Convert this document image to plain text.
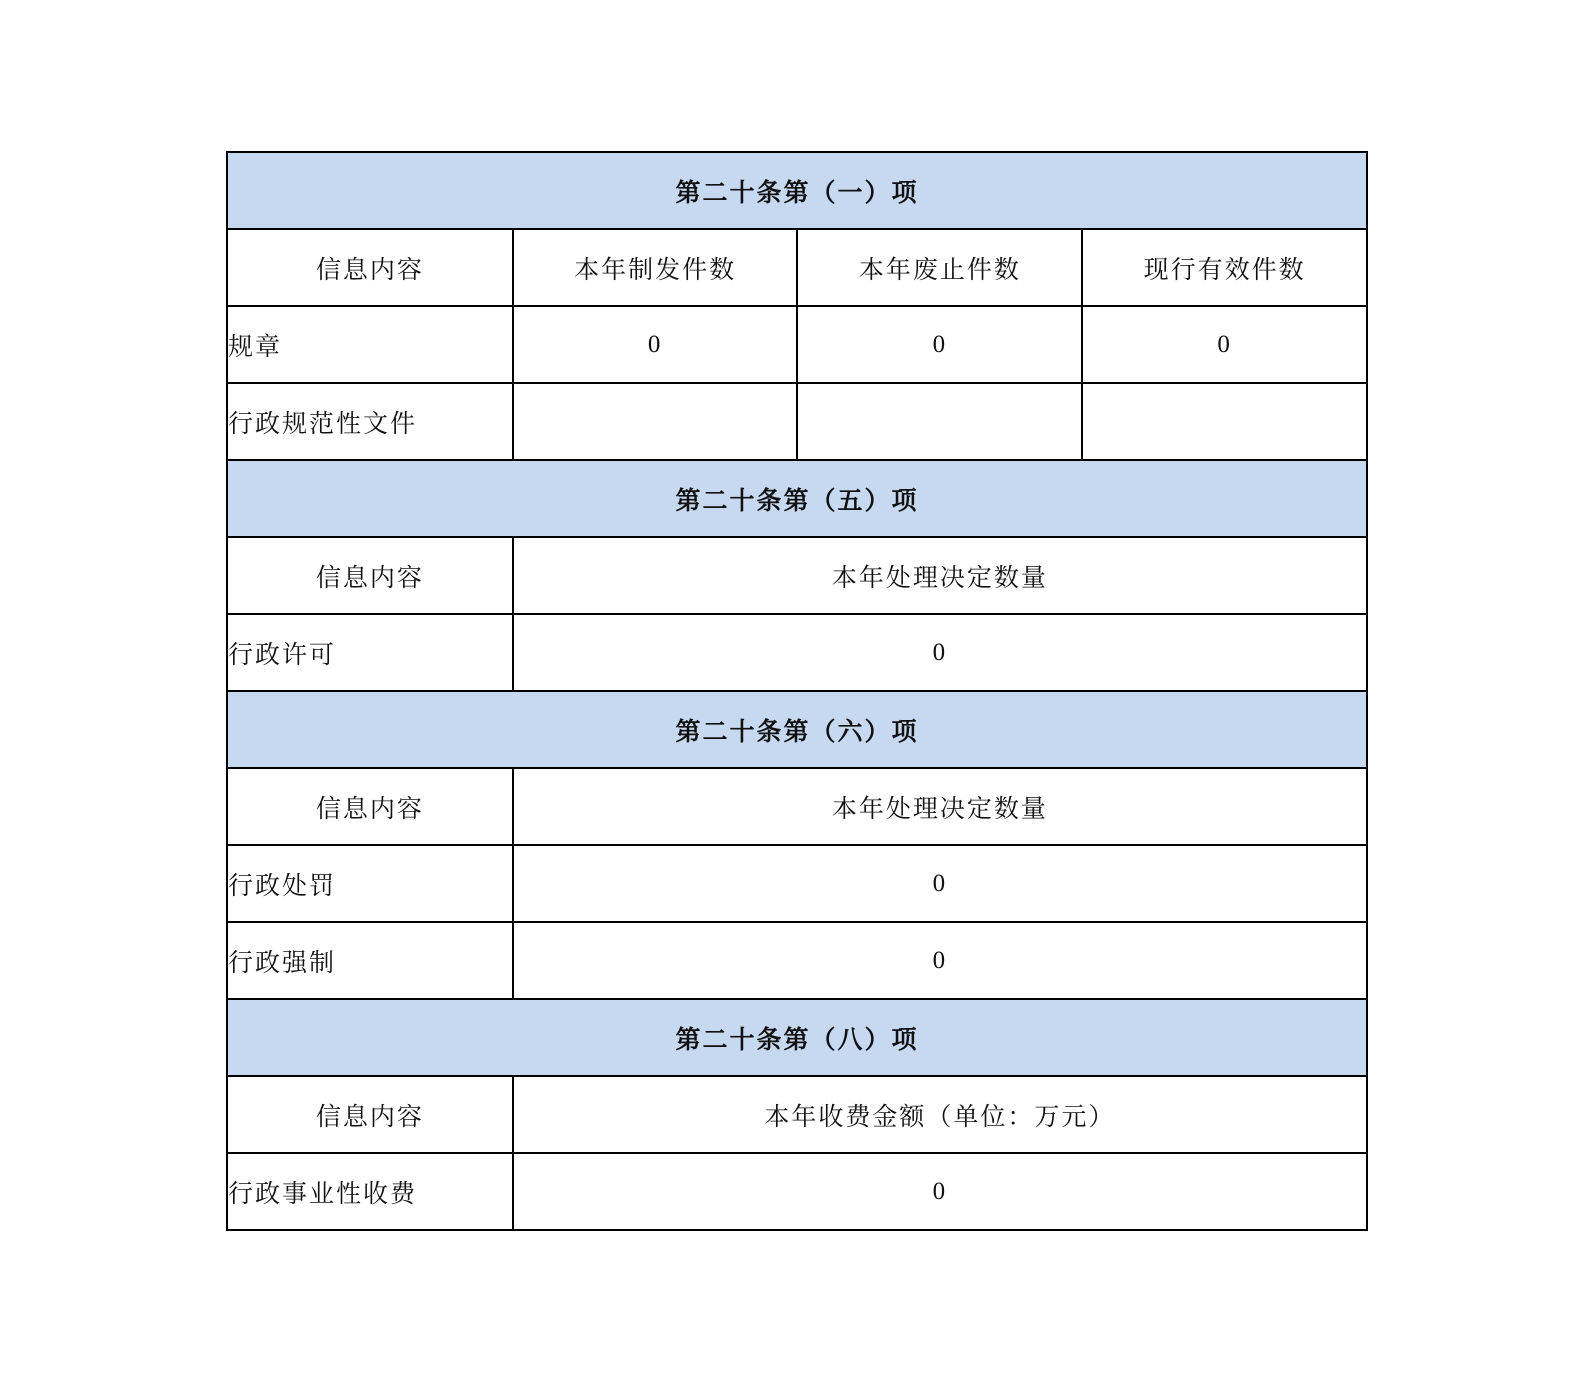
第二十条第（一）项			
信息内容	本年制发件数	本年废止件数	现行有效件数
规章	0	0	0
行政规范性文件			
第二十条第（五）项			
信息内容	本年处理决定数量		
行政许可	0		
第二十条第（六）项			
信息内容	本年处理决定数量		
行政处罚	0		
行政强制	0		
第二十条第（八）项			
信息内容	本年收费金额（单位：万元）		
行政事业性收费	0		
